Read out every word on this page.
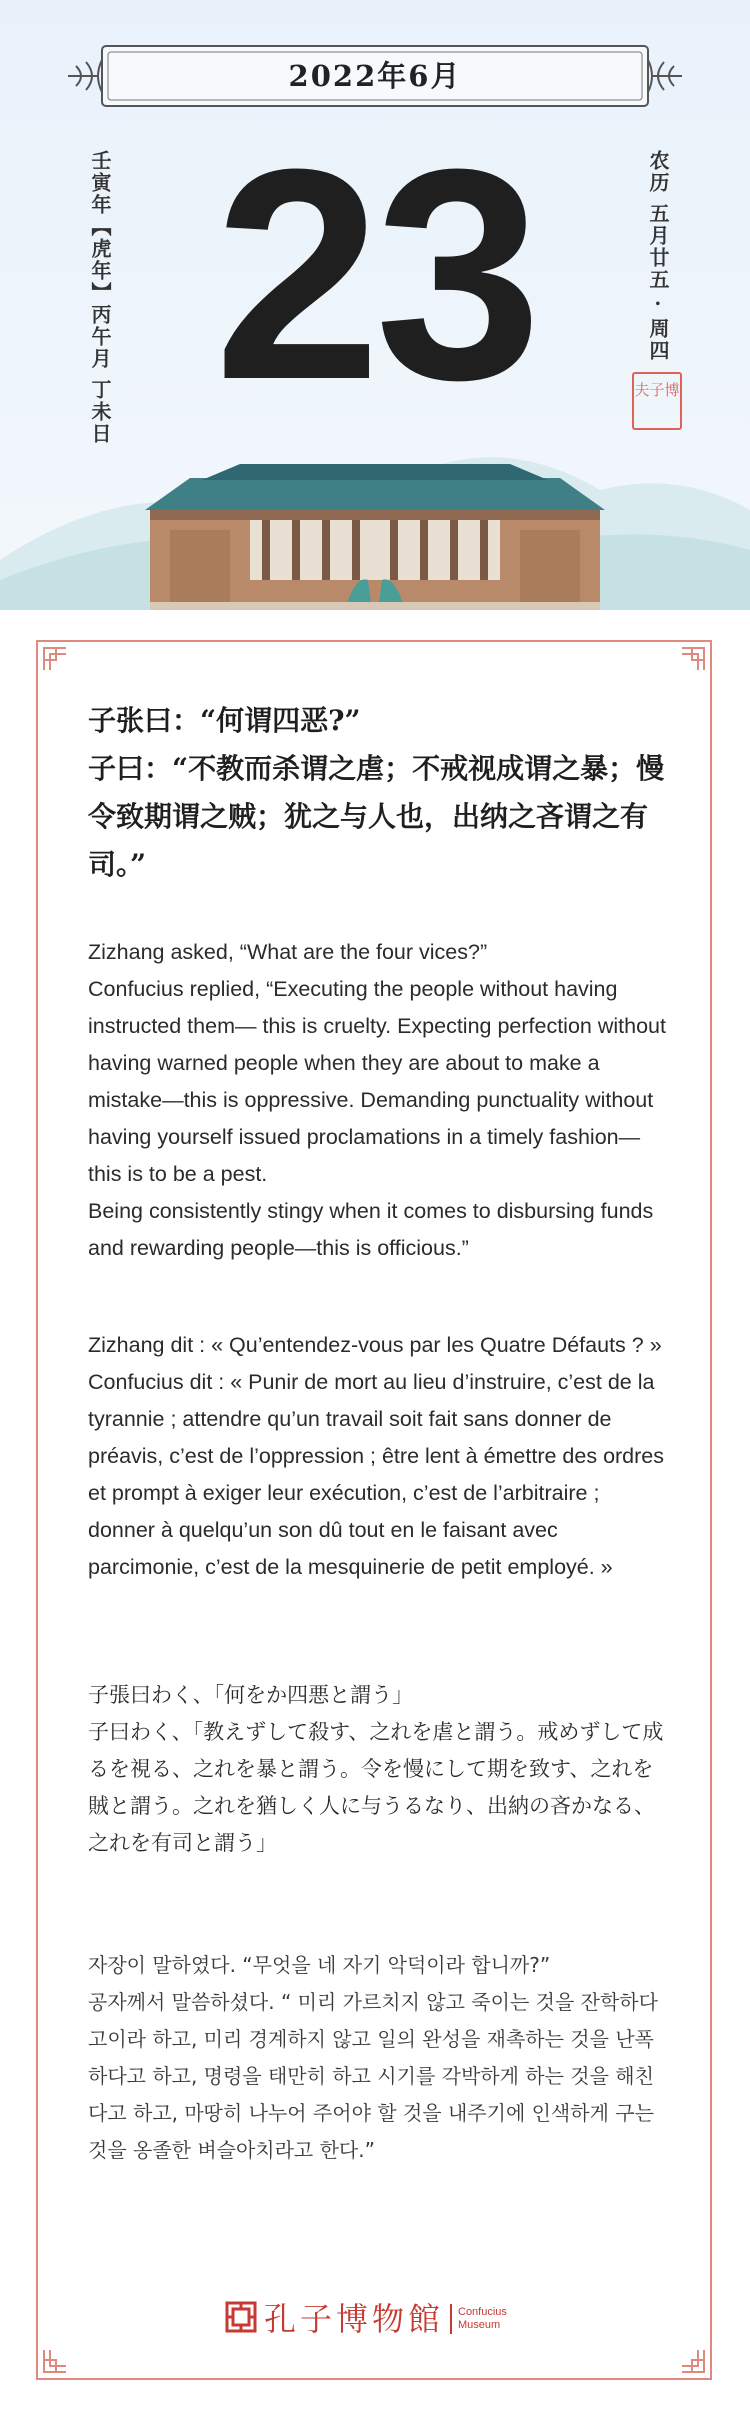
2022年6月
壬寅年【虎年】丙午月 丁未日 23	农历 五月廿五 · 周四
夫子博

子张曰：“何谓四恶?”

子曰：“不教而杀谓之虐；不戒视成谓之暴；慢令致期谓之贼；犹之与人也，出纳之吝谓之有司。”

Zizhang asked, “What are the four vices?”

Confucius replied, “Executing the people without having instructed them— this is cruelty. Expecting perfection without having warned people when they are about to make a mistake—this is oppressive. Demanding punctuality without having yourself issued proclamations in a timely fashion—this is to be a pest.

Being consistently stingy when it comes to disbursing funds and rewarding people—this is officious.”

Zizhang dit : « Qu’entendez-vous par les Quatre Défauts ? »

Confucius dit : « Punir de mort au lieu d’instruire, c’est de la tyrannie ; attendre qu’un travail soit fait sans donner de préavis, c’est de l’oppression ; être lent à émettre des ordres et prompt à exiger leur exécution, c’est de l’arbitraire ; donner à quelqu’un son dû tout en le faisant avec parcimonie, c’est de la mesquinerie de petit employé. »

子張曰わく、「何をか四悪と謂う」

子曰わく、「教えずして殺す、之れを虐と謂う。戒めずして成るを視る、之れを暴と謂う。令を慢にして期を致す、之れを賊と謂う。之れを猶しく人に与うるなり、出納の吝かなる、之れを有司と謂う」

자장이 말하였다. “무엇을 네 자기 악덕이라 합니까?”

공자께서 말씀하셨다. “ 미리 가르치지 않고 죽이는 것을 잔학하다고이라 하고, 미리 경계하지 않고 일의 완성을 재촉하는 것을 난폭하다고 하고, 명령을 태만히 하고 시기를 각박하게 하는 것을 해친다고 하고, 마땅히 나누어 주어야 할 것을 내주기에 인색하게 구는 것을 옹졸한 벼슬아치라고 한다.”

孔子博物館 Confucius
Museum
